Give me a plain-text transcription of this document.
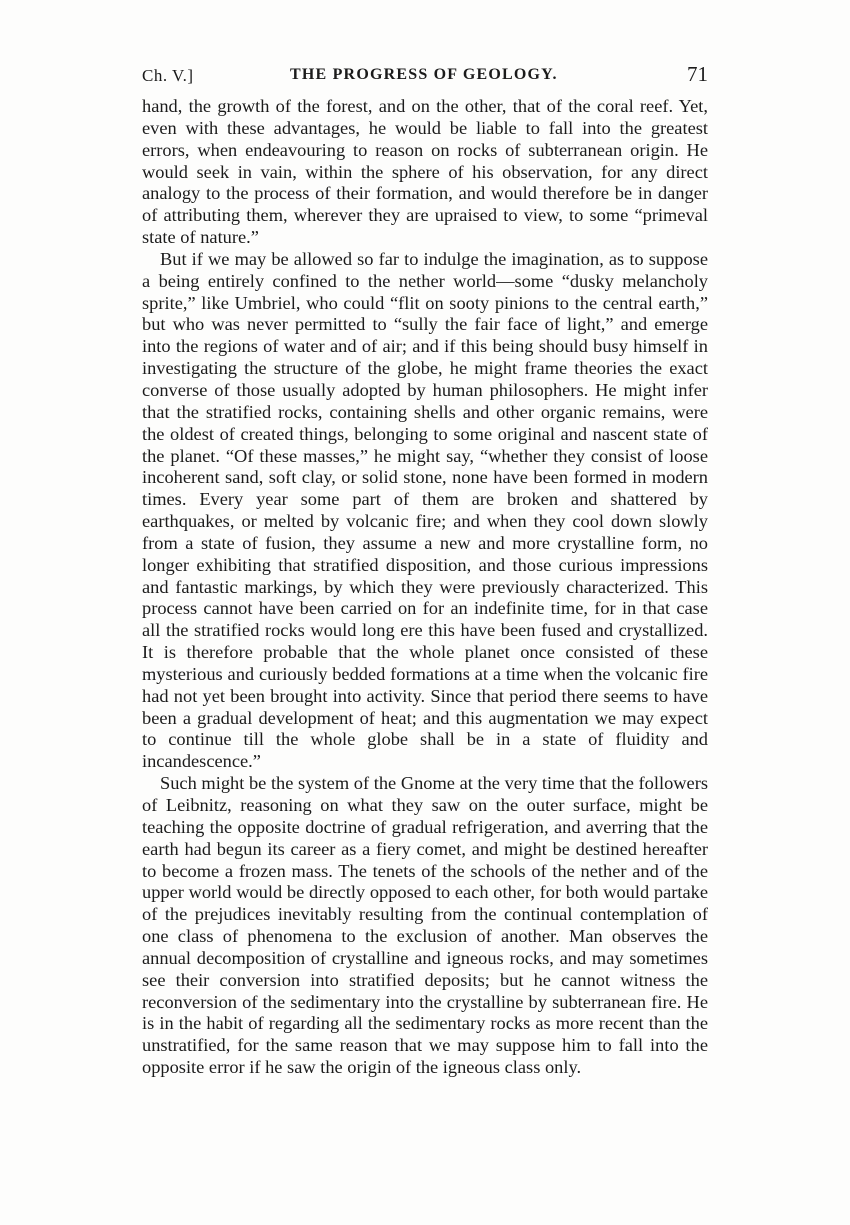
Ch. V.]	THE PROGRESS OF GEOLOGY.	71

hand, the growth of the forest, and on the other, that of the coral reef. Yet, even with these advantages, he would be liable to fall into the greatest errors, when endeavouring to reason on rocks of subterranean origin. He would seek in vain, within the sphere of his observation, for any direct analogy to the process of their formation, and would therefore be in danger of attributing them, wherever they are upraised to view, to some “primeval state of nature.”

But if we may be allowed so far to indulge the imagination, as to suppose a being entirely confined to the nether world—some “dusky melancholy sprite,” like Umbriel, who could “flit on sooty pinions to the central earth,” but who was never permitted to “sully the fair face of light,” and emerge into the regions of water and of air; and if this being should busy himself in investigating the structure of the globe, he might frame theories the exact converse of those usually adopted by human philosophers. He might infer that the stratified rocks, containing shells and other organic remains, were the oldest of created things, belonging to some original and nascent state of the planet. “Of these masses,” he might say, “whether they consist of loose incoherent sand, soft clay, or solid stone, none have been formed in modern times. Every year some part of them are broken and shattered by earthquakes, or melted by volcanic fire; and when they cool down slowly from a state of fusion, they assume a new and more crystalline form, no longer exhibiting that stratified disposition, and those curious impressions and fantastic markings, by which they were previously characterized. This process cannot have been carried on for an indefinite time, for in that case all the stratified rocks would long ere this have been fused and crystallized. It is therefore probable that the whole planet once consisted of these mysterious and curiously bedded formations at a time when the volcanic fire had not yet been brought into activity. Since that period there seems to have been a gradual development of heat; and this augmentation we may expect to continue till the whole globe shall be in a state of fluidity and incandescence.”

Such might be the system of the Gnome at the very time that the followers of Leibnitz, reasoning on what they saw on the outer surface, might be teaching the opposite doctrine of gradual refrigeration, and averring that the earth had begun its career as a fiery comet, and might be destined hereafter to become a frozen mass. The tenets of the schools of the nether and of the upper world would be directly opposed to each other, for both would partake of the prejudices inevitably resulting from the continual contemplation of one class of phenomena to the exclusion of another. Man observes the annual decomposition of crystalline and igneous rocks, and may sometimes see their conversion into stratified deposits; but he cannot witness the reconversion of the sedimentary into the crystalline by subterranean fire. He is in the habit of regarding all the sedimentary rocks as more recent than the unstratified, for the same reason that we may suppose him to fall into the opposite error if he saw the origin of the igneous class only.
